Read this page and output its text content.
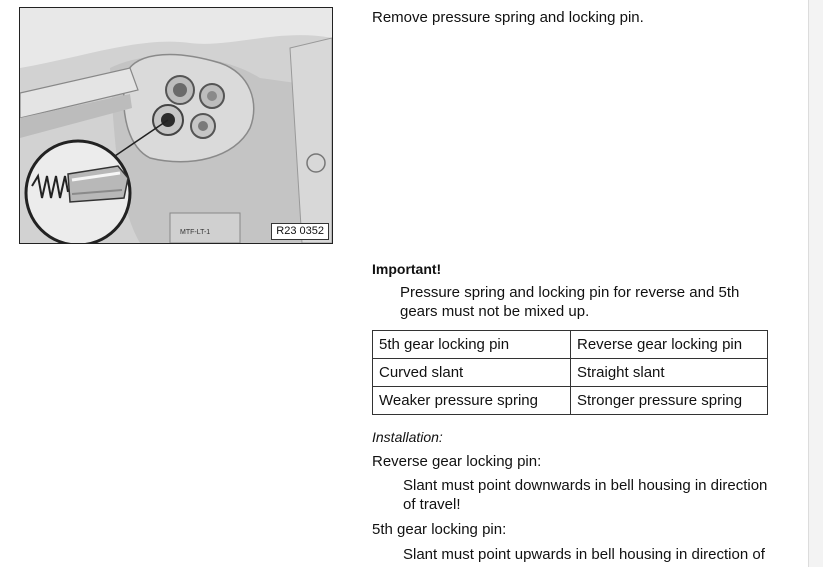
MTF-LT-1	R23 0352
Remove pressure spring and locking pin.
Important!
Pressure spring and locking pin for reverse and 5th
gears must not be mixed up.
5th gear locking pin	Reverse gear locking pin
Curved slant	Straight slant
Weaker pressure spring	Stronger pressure spring
Installation:
Reverse gear locking pin:
Slant must point downwards in bell housing in direction
of travel!
5th gear locking pin:
Slant must point upwards in bell housing in direction of
